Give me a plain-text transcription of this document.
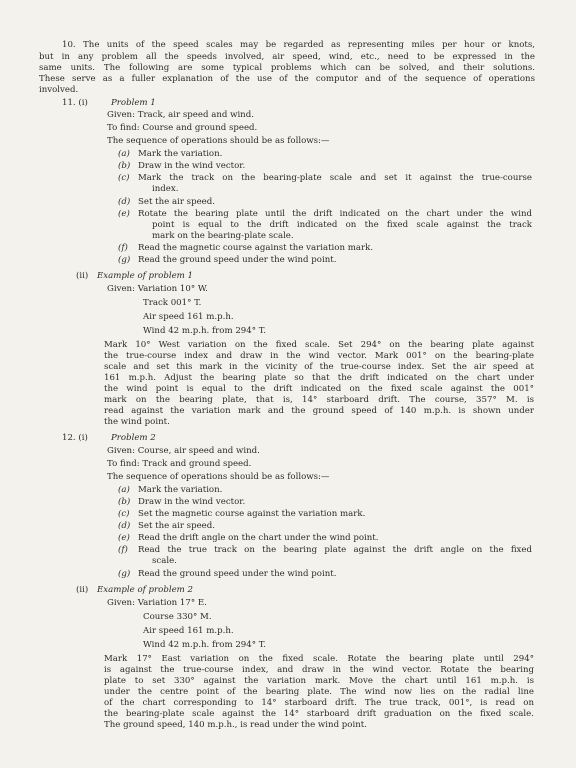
10. The units of the speed scales may be regarded as representing miles per hour or knots,
but in any problem all the speeds involved, air speed, wind, etc., need to be expressed in the
same units. The following are some typical problems which can be solved, and their solutions.
These serve as a fuller explanation of the use of the computor and of the sequence of operations
involved.
11. (i)	Problem 1
Given: Track, air speed and wind.
To find: Course and ground speed.
The sequence of operations should be as follows:—
(a) Mark the variation.
(b) Draw in the wind vector.
(c) Mark the track on the bearing-plate scale and set it against the true-course
index.
(d) Set the air speed.
(e) Rotate the bearing plate until the drift indicated on the chart under the wind
point is equal to the drift indicated on the fixed scale against the track
mark on the bearing-plate scale.
(f) Read the magnetic course against the variation mark.
(g) Read the ground speed under the wind point.
(ii) Example of problem 1
Given: Variation 10° W.
Track 001° T.
Air speed 161 m.p.h.
Wind 42 m.p.h. from 294° T.
Mark 10° West variation on the fixed scale. Set 294° on the bearing plate against
the true-course index and draw in the wind vector. Mark 001° on the bearing-plate
scale and set this mark in the vicinity of the true-course index. Set the air speed at
161 m.p.h. Adjust the bearing plate so that the drift indicated on the chart under
the wind point is equal to the drift indicated on the fixed scale against the 001°
mark on the bearing plate, that is, 14° starboard drift. The course, 357° M. is
read against the variation mark and the ground speed of 140 m.p.h. is shown under
the wind point.
12. (i)	Problem 2
Given: Course, air speed and wind.
To find: Track and ground speed.
The sequence of operations should be as follows:—
(a) Mark the variation.
(b) Draw in the wind vector.
(c) Set the magnetic course against the variation mark.
(d) Set the air speed.
(e) Read the drift angle on the chart under the wind point.
(f) Read the true track on the bearing plate against the drift angle on the fixed
scale.
(g) Read the ground speed under the wind point.
(ii) Example of problem 2
Given: Variation 17° E.
Course 330° M.
Air speed 161 m.p.h.
Wind 42 m.p.h. from 294° T.
Mark 17° East variation on the fixed scale. Rotate the bearing plate until 294°
is against the true-course index, and draw in the wind vector. Rotate the bearing
plate to set 330° against the variation mark. Move the chart until 161 m.p.h. is
under the centre point of the bearing plate. The wind now lies on the radial line
of the chart corresponding to 14° starboard drift. The true track, 001°, is read on
the bearing-plate scale against the 14° starboard drift graduation on the fixed scale.
The ground speed, 140 m.p.h., is read under the wind point.
